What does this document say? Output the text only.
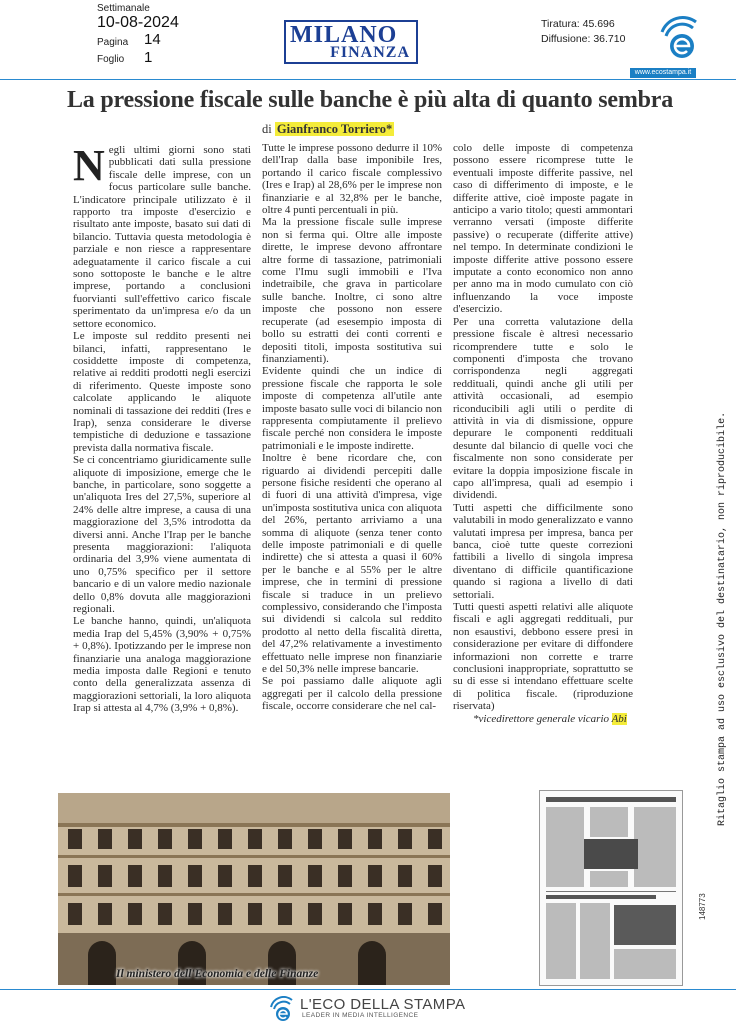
Settimanale
10-08-2024
Pagina 14
Foglio 1
MILANO
FINANZA
Tiratura: 45.696
Diffusione: 36.710
www.ecostampa.it
La pressione fiscale sulle banche è più alta di quanto sembra
di Gianfranco Torriero*

Negli ultimi giorni sono stati pubblicati dati sulla pressione fiscale delle imprese, con un focus particolare sulle banche. L'indicatore principale utilizzato è il rapporto tra imposte d'esercizio e risultato ante imposte, basato sui dati di bilancio. Tuttavia questa metodologia è parziale e non riesce a rappresentare adeguatamente il carico fiscale a cui sono sottoposte le banche e le altre imprese, portando a conclusioni fuorvianti sull'effettivo carico fiscale sperimentato da un'impresa e/o da un settore economico.

Le imposte sul reddito presenti nei bilanci, infatti, rappresentano le cosiddette imposte di competenza, relative ai redditi prodotti negli esercizi di riferimento. Queste imposte sono calcolate applicando le aliquote nominali di tassazione dei redditi (Ires e Irap), senza considerare le diverse tempistiche di deduzione e tassazione prevista dalla normativa fiscale.

Se ci concentriamo giuridicamente sulle aliquote di imposizione, emerge che le banche, in particolare, sono soggette a un'aliquota Ires del 27,5%, superiore al 24% delle altre imprese, a causa di una maggiorazione del 3,5% introdotta da diversi anni. Anche l'Irap per le banche presenta maggiorazioni: l'aliquota ordinaria del 3,9% viene aumentata di uno 0,75% specifico per il settore bancario e di un valore medio nazionale dello 0,8% dovuta alle maggiorazioni regionali.

Le banche hanno, quindi, un'aliquota media Irap del 5,45% (3,90% + 0,75% + 0,8%). Ipotizzando per le imprese non finanziarie una analoga maggiorazione media imposta dalle Regioni e tenuto conto della generalizzata assenza di maggiorazioni settoriali, la loro aliquota Irap si attesta al 4,7% (3,9% + 0,8%).

Tutte le imprese possono dedurre il 10% dell'Irap dalla base imponibile Ires, portando il carico fiscale complessivo (Ires e Irap) al 28,6% per le imprese non finanziarie e al 32,8% per le banche, oltre 4 punti percentuali in più.

Ma la pressione fiscale sulle imprese non si ferma qui. Oltre alle imposte dirette, le imprese devono affrontare altre forme di tassazione, patrimoniali come l'Imu sugli immobili e l'Iva indetraibile, che grava in particolare sulle banche. Inoltre, ci sono altre imposte che possono non essere recuperate (ad esesempio imposta di bollo su estratti dei conti correnti e depositi titoli, imposta sostitutiva sui finanziamenti).

Evidente quindi che un indice di pressione fiscale che rapporta le sole imposte di competenza all'utile ante imposte basato sulle voci di bilancio non rappresenta compiutamente il prelievo fiscale perché non considera le imposte patrimoniali e le imposte indirette.

Inoltre è bene ricordare che, con riguardo ai dividendi percepiti dalle persone fisiche residenti che operano al di fuori di una attività d'impresa, vige un'imposta sostitutiva unica con aliquota del 26%, pertanto arriviamo a una somma di aliquote (senza tener conto delle imposte patrimoniali e di quelle indirette) che si attesta a quasi il 60% per le banche e al 55% per le altre imprese, che in termini di pressione fiscale si traduce in un prelievo complessivo, considerando che l'imposta sui dividendi si calcola sul reddito prodotto al netto della fiscalità diretta, del 47,2% relativamente a investimento effettuato nelle imprese non finanziarie e del 50,3% nelle imprese bancarie.

Se poi passiamo dalle aliquote agli aggregati per il calcolo della pressione fiscale, occorre considerare che nel cal-

colo delle imposte di competenza possono essere ricomprese tutte le eventuali imposte differite passive, nel caso di differimento di imposte, e le differite attive, cioè imposte pagate in anticipo a vario titolo; questi ammontari verranno versati (imposte differite passive) o recuperate (differite attive) nel tempo. In determinate condizioni le imposte differite attive possono essere imputate a conto economico non anno per anno ma in modo cumulato con ciò influenzando la voce imposte d'esercizio.

Per una corretta valutazione della pressione fiscale è altresì necessario ricomprendere tutte e solo le componenti d'imposta che trovano corrispondenza negli aggregati reddituali, quindi anche gli utili per attività occasionali, ad esempio riconducibili agli utili o perdite di attività in via di dismissione, oppure depurare le componenti reddituali desunte dal bilancio di quelle voci che fiscalmente non sono considerate per evitare la doppia imposizione fiscale in capo all'impresa, quali ad esempio i dividendi.

Tutti aspetti che difficilmente sono valutabili in modo generalizzato e vanno valutati impresa per impresa, banca per banca, cioè tutte queste correzioni fattibili a livello di singola impresa diventano di difficile quantificazione quando si ragiona a livello di dati settoriali.

Tutti questi aspetti relativi alle aliquote fiscali e agli aggregati reddituali, pur non esaustivi, debbono essere presi in considerazione per evitare di diffondere informazioni non corrette e trarre conclusioni inappropriate, soprattutto se su di esse si intendano effettuare scelte di politica fiscale. (riproduzione riservata)

*vicedirettore generale vicario Abi

Il ministero dell'Economia e delle Finanze
Ritaglio stampa ad uso esclusivo del destinatario, non riproducibile.
148773
L'ECO DELLA STAMPA
LEADER IN MEDIA INTELLIGENCE
